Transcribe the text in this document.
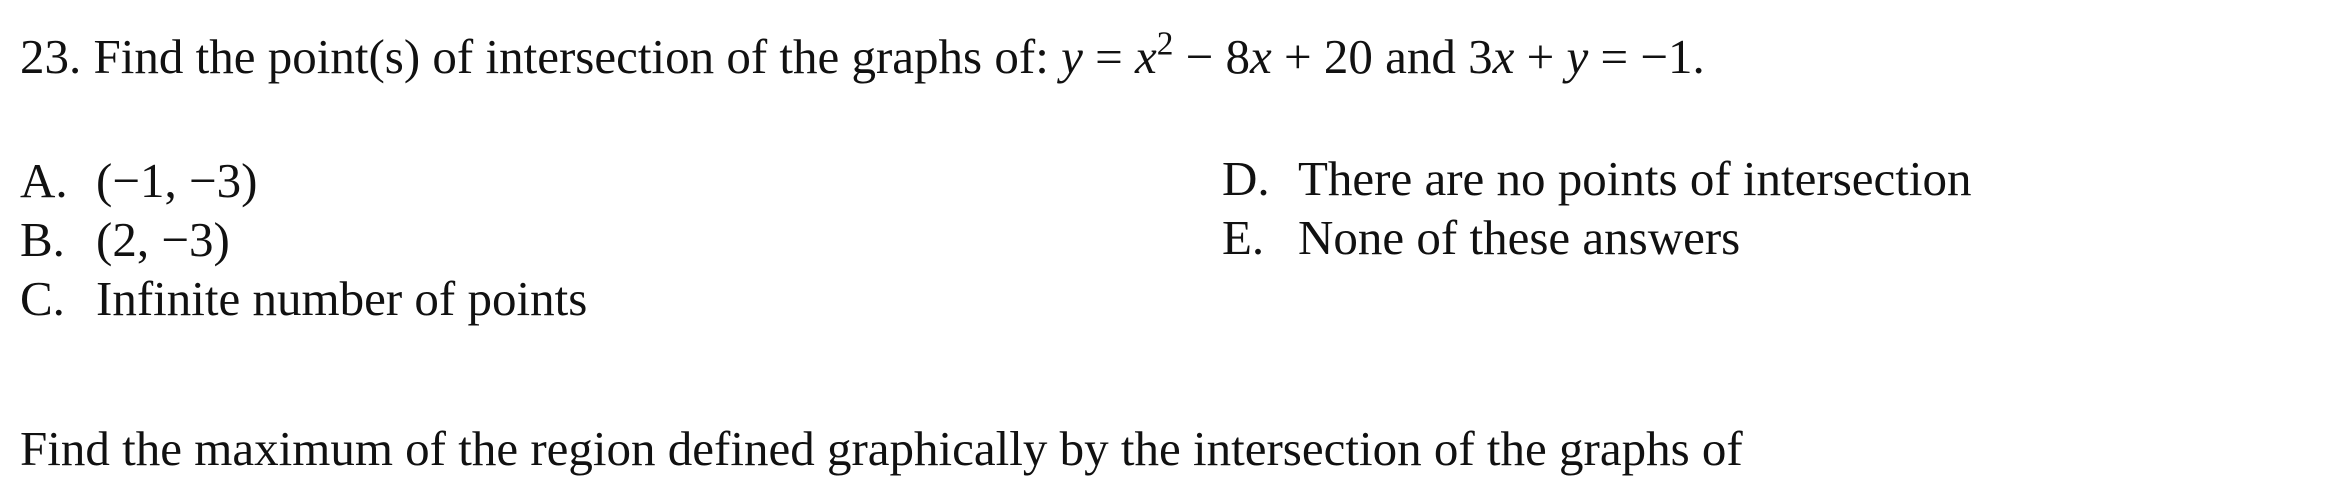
23. Find the point(s) of intersection of the graphs of: $y = x^2 - 8x + 20$ and 3x + y = −1.
A. (−1, −3)
B. (2, −3)
C. Infinite number of points
D. There are no points of intersection
E. None of these answers
Find the maximum of the region defined graphically by the intersection of the graphs of
